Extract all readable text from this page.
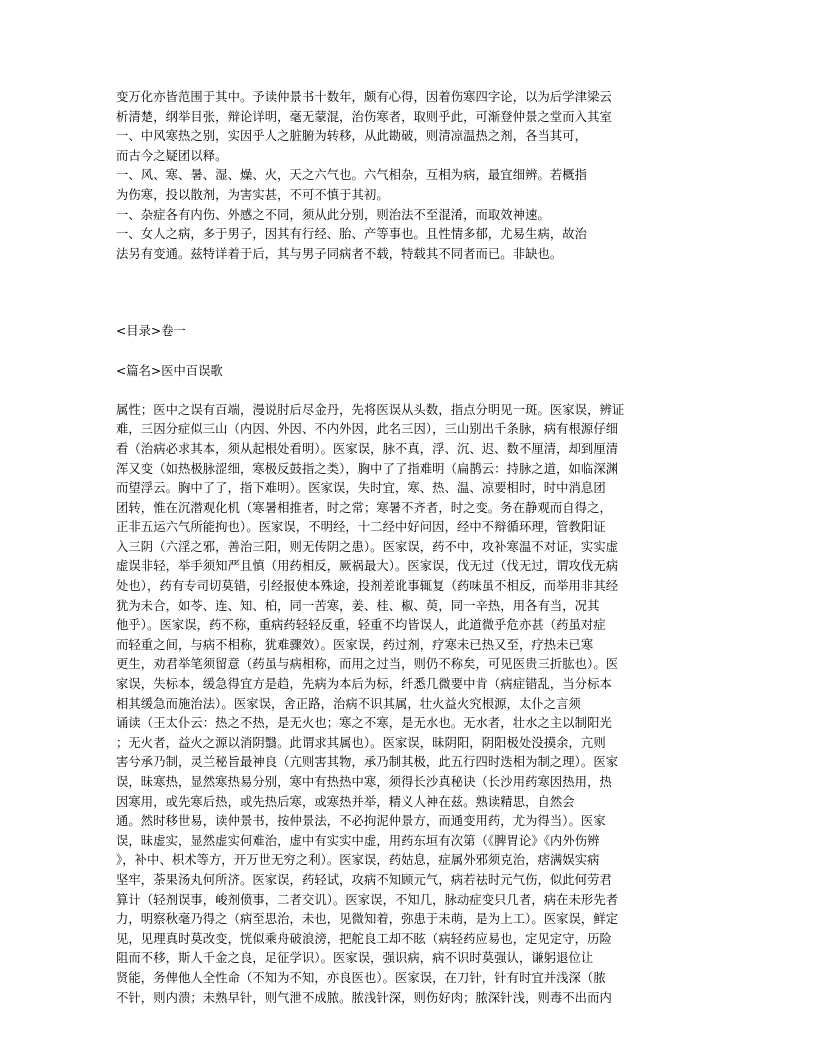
变万化亦皆范围于其中。予读仲景书十数年，颇有心得，因着伤寒四字论，以为后学津梁云

析清楚，纲举目张，辩论详明，毫无蒙混，治伤寒者，取则乎此，可渐登仲景之堂而入其室

一、中风寒热之别，实因乎人之脏腑为转移，从此勘破，则清凉温热之剂，各当其可，

而古今之疑团以释。

一、风、寒、暑、湿、燥、火，天之六气也。六气相杂，互相为病，最宜细辨。若概指

为伤寒，投以散剂，为害实甚，不可不慎于其初。

一、杂症各有内伤、外感之不同，须从此分别，则治法不至混淆，而取效神速。

一、女人之病，多于男子，因其有行经、胎、产等事也。且性情多郁，尤易生病，故治

法另有变通。兹特详着于后，其与男子同病者不载，特载其不同者而已。非缺也。

<目录>卷一

<篇名>医中百误歌

属性；医中之误有百端，漫说肘后尽金丹，先将医误从头数，指点分明见一斑。医家误，辨证

难，三因分症似三山（内因、外因、不内外因，此名三因），三山别出千条脉，病有根源仔细

看（治病必求其本，须从起根处看明）。医家误，脉不真，浮、沉、迟、数不厘清，却到厘清

浑又变（如热极脉涩细，寒极反鼓指之类），胸中了了指难明（扁鹊云：持脉之道，如临深渊

而望浮云。胸中了了，指下难明）。医家误，失时宜，寒、热、温、凉要相时，时中消息团

团转，惟在沉潜观化机（寒暑相推者，时之常；寒暑不齐者，时之变。务在静观而自得之，

正非五运六气所能拘也）。医家误，不明经，十二经中好问因，经中不辩循环理，管教阳证

入三阴（六淫之邪，善治三阳，则无传阴之患）。医家误，药不中，攻补寒温不对证，实实虚

虚误非轻，举手须知严且慎（用药相反，厥祸最大）。医家误，伐无过（伐无过，谓攻伐无病

处也），药有专司切莫错，引经报使本殊途，投剂差讹事辄复（药味虽不相反，而举用非其经

犹为未合，如苓、连、知、柏，同一苦寒，姜、桂、椒、萸，同一辛热，用各有当，况其

他乎）。医家误，药不称，重病药轻轻反重，轻重不均皆误人，此道微乎危亦甚（药虽对症

而轻重之间，与病不相称，犹难骤效）。医家误，药过剂，疗寒未已热又至，疗热未已寒

更生，劝君举笔须留意（药虽与病相称，而用之过当，则仍不称矣，可见医贵三折肱也）。医

家误，失标本，缓急得宜方是趋，先病为本后为标，纤悉几微要中肯（病症错乱，当分标本

相其缓急而施治法）。医家误，舍正路，治病不识其属，壮火益火究根源，太仆之言须

诵读（王太仆云：热之不热，是无火也；寒之不寒，是无水也。无水者，壮水之主以制阳光

；无火者，益火之源以消阴翳。此谓求其属也）。医家误，昧阴阳，阴阳极处没摸余，亢则

害兮承乃制，灵兰秘旨最神良（亢则害其物，承乃制其极，此五行四时迭相为制之理）。医家

误，昧寒热，显然寒热易分别，寒中有热热中寒，须得长沙真秘诀（长沙用药寒因热用，热

因寒用，或先寒后热，或先热后寒，或寒热并举，精义人神在兹。熟读精思，自然会

通。然时移世易，读仲景书，按仲景法，不必拘泥仲景方，而通变用药，尤为得当）。医家

误，昧虚实，显然虚实何难治，虚中有实实中虚，用药东垣有次第（《脾胃论》《内外伤辨

》，补中、枳术等方，开万世无穷之利）。医家误，药姑息，症属外邪须克治，痞满娱实病

坚牢，荼果汤丸何所济。医家误，药轻试，攻病不知顾元气，病若祛时元气伤，似此何劳君

算计（轻剂误事，峻剂偾事，二者交讥）。医家误，不知几，脉动症变只几者，病在未形先者

力，明察秋毫乃得之（病至思治，未也，见微知着，弥患于未萌，是为上工）。医家误，鲜定

见，见理真时莫改变，恍似乘舟破浪滂，把舵良工却不眩（病轻药应易也，定见定守，历险

阻而不移，斯人千金之良，足征学识）。医家误，强识病，病不识时莫强认，谦躬退位让

贤能，务俾他人全性命（不知为不知，亦良医也）。医家误，在刀针，针有时宜并浅深（脓

不针，则内溃；未熟早针，则气泄不成脓。脓浅针深，则伤好肉；脓深针浅，则毒不出而内
